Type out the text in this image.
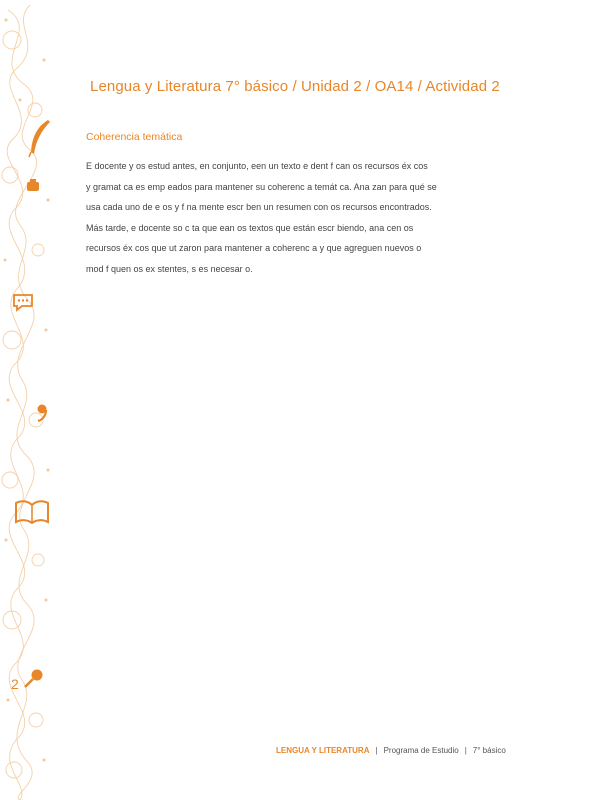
2
Lengua y Literatura 7° básico / Unidad 2 / OA14 / Actividad 2
Coherencia temática
E docente y os estud antes, en conjunto, een un texto e dent f can os recursos éx cos
y gramat ca es emp eados para mantener su coherenc a temát ca. Ana zan para qué se
usa cada uno de e os y f na mente escr ben un resumen con os recursos encontrados.
Más tarde, e docente so c ta que ean os textos que están escr biendo, ana cen os
recursos éx cos que ut zaron para mantener a coherenc a y que agreguen nuevos o
mod f quen os ex stentes, s es necesar o.
LENGUA Y LITERATURA | Programa de Estudio | 7° básico
